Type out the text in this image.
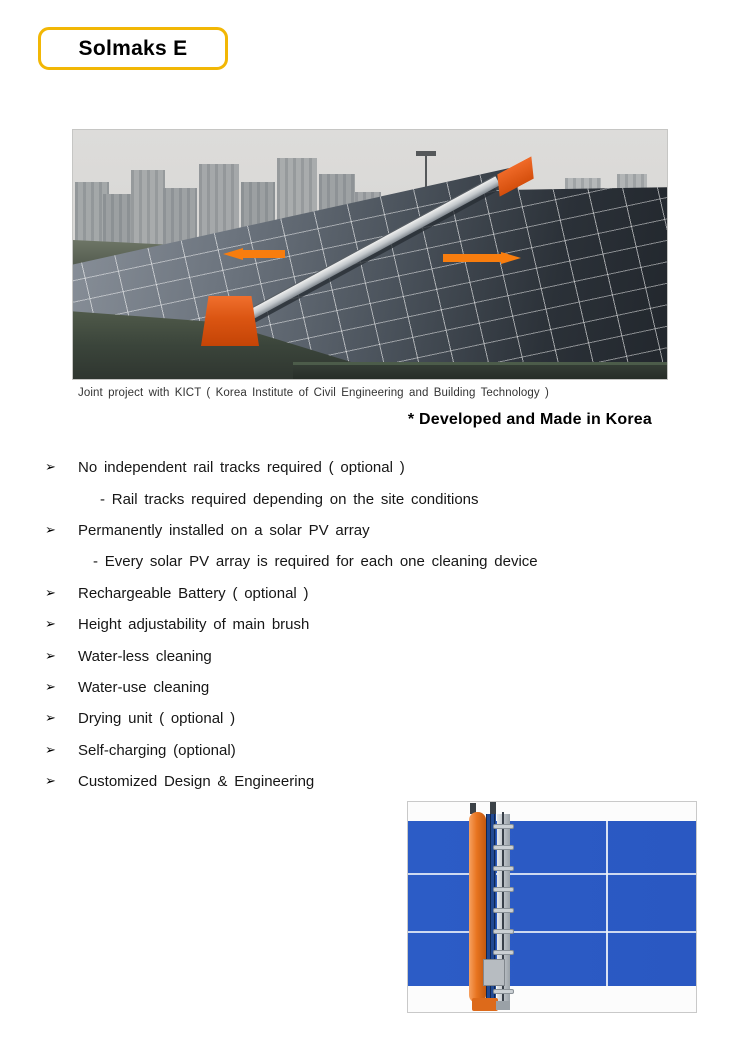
Solmaks E
Joint project with KICT ( Korea Institute of Civil Engineering and Building Technology )
* Developed and Made in Korea
➢	No independent rail tracks required ( optional )
- Rail tracks required depending on the site conditions
➢	Permanently installed on a solar PV array
- Every solar PV array is required for each one cleaning device
➢	Rechargeable Battery ( optional )
➢	Height adjustability of main brush
➢	Water-less cleaning
➢	Water-use cleaning
➢	Drying unit ( optional )
➢	Self-charging (optional)
➢	Customized Design & Engineering
